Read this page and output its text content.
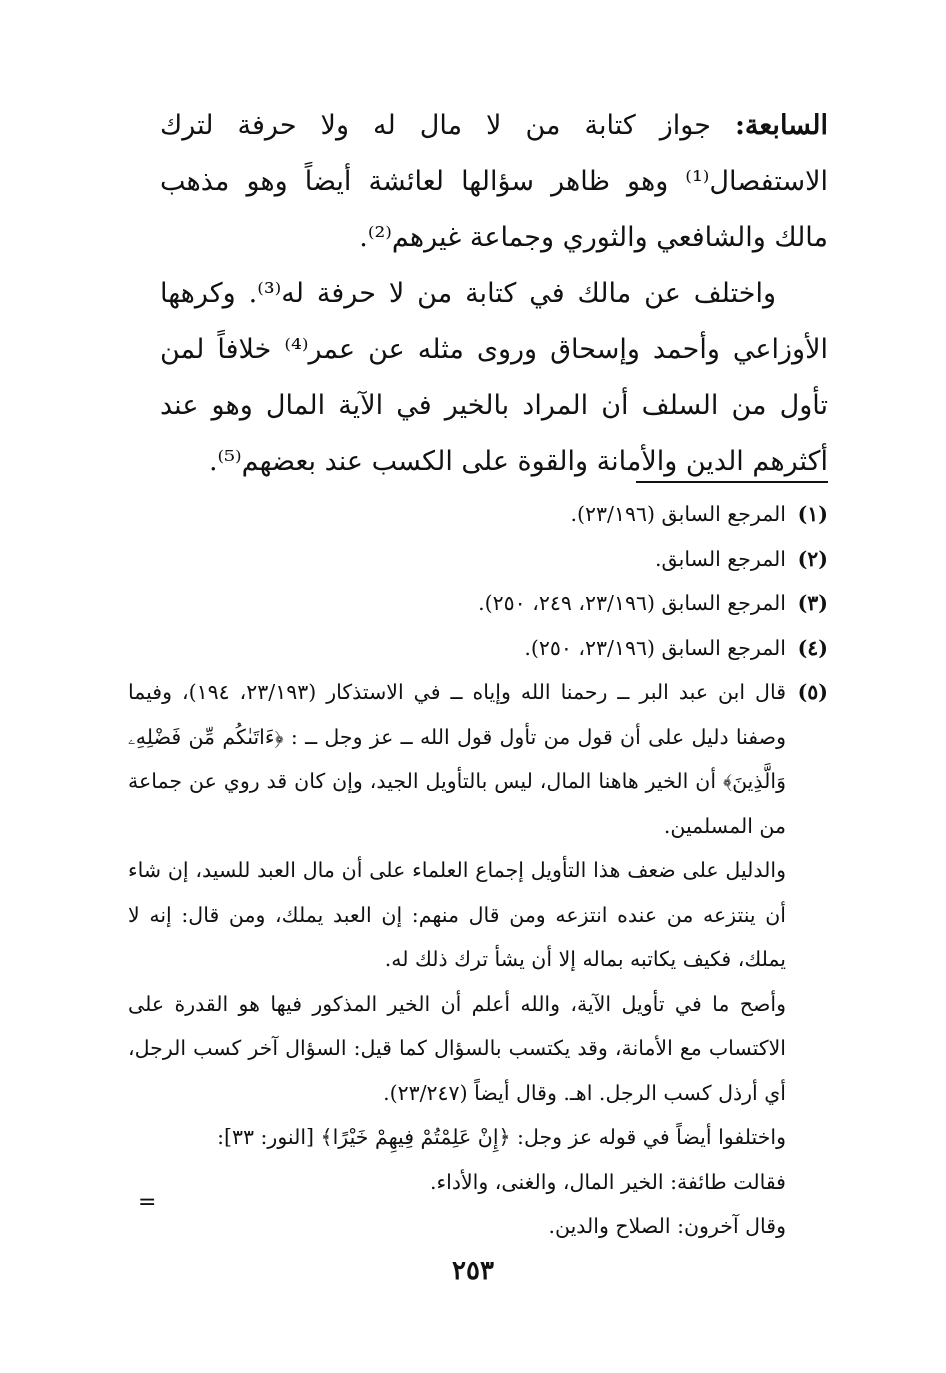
السابعة: جواز كتابة من لا مال له ولا حرفة لترك الاستفصال⁽¹⁾ وهو ظاهر سؤالها لعائشة أيضاً وهو مذهب مالك والشافعي والثوري وجماعة غيرهم⁽²⁾.

واختلف عن مالك في كتابة من لا حرفة له⁽³⁾. وكرهها الأوزاعي وأحمد وإسحاق وروى مثله عن عمر⁽⁴⁾ خلافاً لمن تأول من السلف أن المراد بالخير في الآية المال وهو عند أكثرهم الدين والأمانة والقوة على الكسب عند بعضهم⁽⁵⁾.

(١)
المرجع السابق (٢٣/١٩٦).
(٢)
المرجع السابق.
(٣)
المرجع السابق (٢٣/١٩٦، ٢٤٩، ٢٥٠).
(٤)
المرجع السابق (٢٣/١٩٦، ٢٥٠).
(٥)
قال ابن عبد البر ــ رحمنا الله وإياه ــ في الاستذكار (٢٣/١٩٣، ١٩٤)، وفيما وصفنا دليل على أن قول من تأول قول الله ــ عز وجل ــ : ﴿ءَاتَىٰكُم مِّن فَضْلِهِۦ وَالَّذِينَ﴾ أن الخير هاهنا المال، ليس بالتأويل الجيد، وإن كان قد روي عن جماعة من المسلمين.
والدليل على ضعف هذا التأويل إجماع العلماء على أن مال العبد للسيد، إن شاء أن ينتزعه من عنده انتزعه ومن قال منهم: إن العبد يملك، ومن قال: إنه لا يملك، فكيف يكاتبه بماله إلا أن يشأ ترك ذلك له.
وأصح ما في تأويل الآية، والله أعلم أن الخير المذكور فيها هو القدرة على الاكتساب مع الأمانة، وقد يكتسب بالسؤال كما قيل: السؤال آخر كسب الرجل، أي أرذل كسب الرجل. اهـ. وقال أيضاً (٢٣/٢٤٧).
واختلفوا أيضاً في قوله عز وجل: ﴿إِنْ عَلِمْتُمْ فِيهِمْ خَيْرًا﴾ [النور: ٣٣]:
فقالت طائفة: الخير المال، والغنى، والأداء.
وقال آخرون: الصلاح والدين.
=
٢٥٣
